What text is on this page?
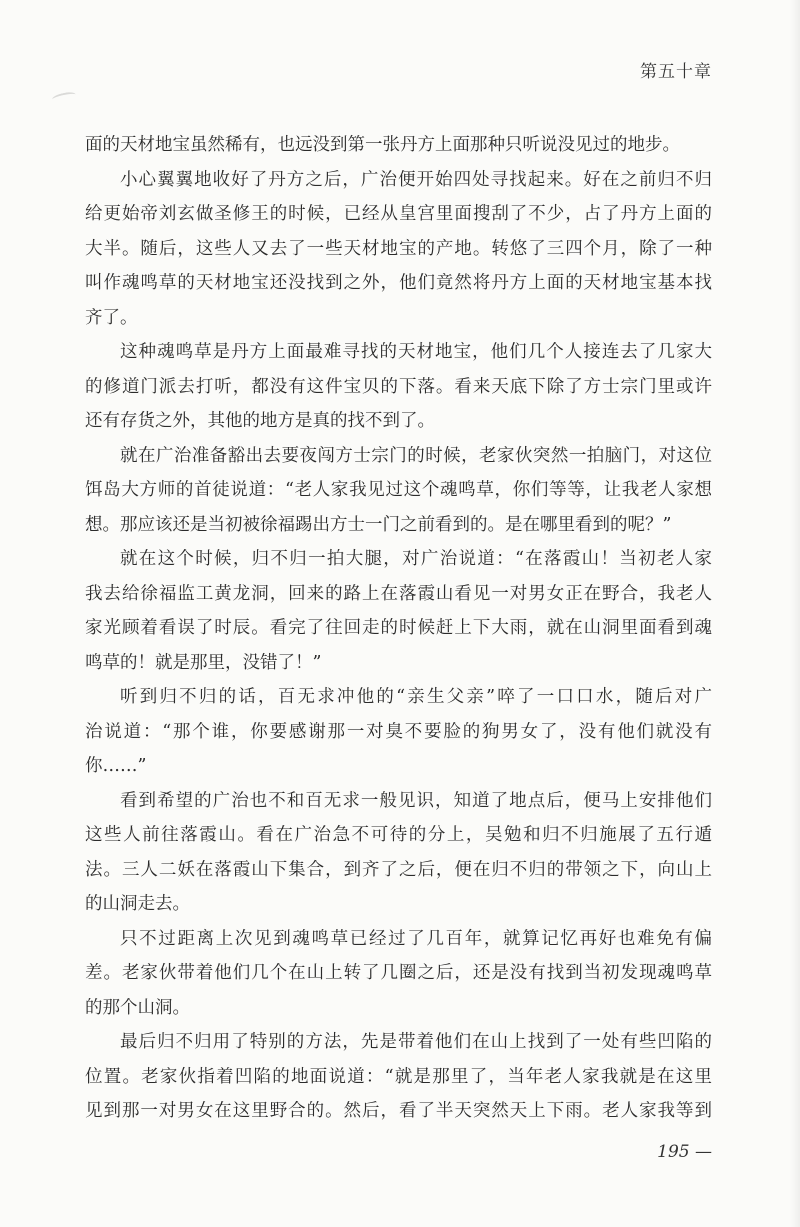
第五十章
面的天材地宝虽然稀有，也远没到第一张丹方上面那种只听说没见过的地步。
小心翼翼地收好了丹方之后，广治便开始四处寻找起来。好在之前归不归
给更始帝刘玄做圣修王的时候，已经从皇宫里面搜刮了不少，占了丹方上面的
大半。随后，这些人又去了一些天材地宝的产地。转悠了三四个月，除了一种
叫作魂鸣草的天材地宝还没找到之外，他们竟然将丹方上面的天材地宝基本找
齐了。
这种魂鸣草是丹方上面最难寻找的天材地宝，他们几个人接连去了几家大
的修道门派去打听，都没有这件宝贝的下落。看来天底下除了方士宗门里或许
还有存货之外，其他的地方是真的找不到了。
就在广治准备豁出去要夜闯方士宗门的时候，老家伙突然一拍脑门，对这位
饵岛大方师的首徒说道：“老人家我见过这个魂鸣草，你们等等，让我老人家想
想。那应该还是当初被徐福踢出方士一门之前看到的。是在哪里看到的呢？”
就在这个时候，归不归一拍大腿，对广治说道：“在落霞山！当初老人家
我去给徐福监工黄龙洞，回来的路上在落霞山看见一对男女正在野合，我老人
家光顾着看误了时辰。看完了往回走的时候赶上下大雨，就在山洞里面看到魂
鸣草的！就是那里，没错了！”
听到归不归的话，百无求冲他的“亲生父亲”啐了一口口水，随后对广
治说道：“那个谁，你要感谢那一对臭不要脸的狗男女了，没有他们就没有
你……”
看到希望的广治也不和百无求一般见识，知道了地点后，便马上安排他们
这些人前往落霞山。看在广治急不可待的分上，吴勉和归不归施展了五行遁
法。三人二妖在落霞山下集合，到齐了之后，便在归不归的带领之下，向山上
的山洞走去。
只不过距离上次见到魂鸣草已经过了几百年，就算记忆再好也难免有偏
差。老家伙带着他们几个在山上转了几圈之后，还是没有找到当初发现魂鸣草
的那个山洞。
最后归不归用了特别的方法，先是带着他们在山上找到了一处有些凹陷的
位置。老家伙指着凹陷的地面说道：“就是那里了，当年老人家我就是在这里
见到那一对男女在这里野合的。然后，看了半天突然天上下雨。老人家我等到
195 —
